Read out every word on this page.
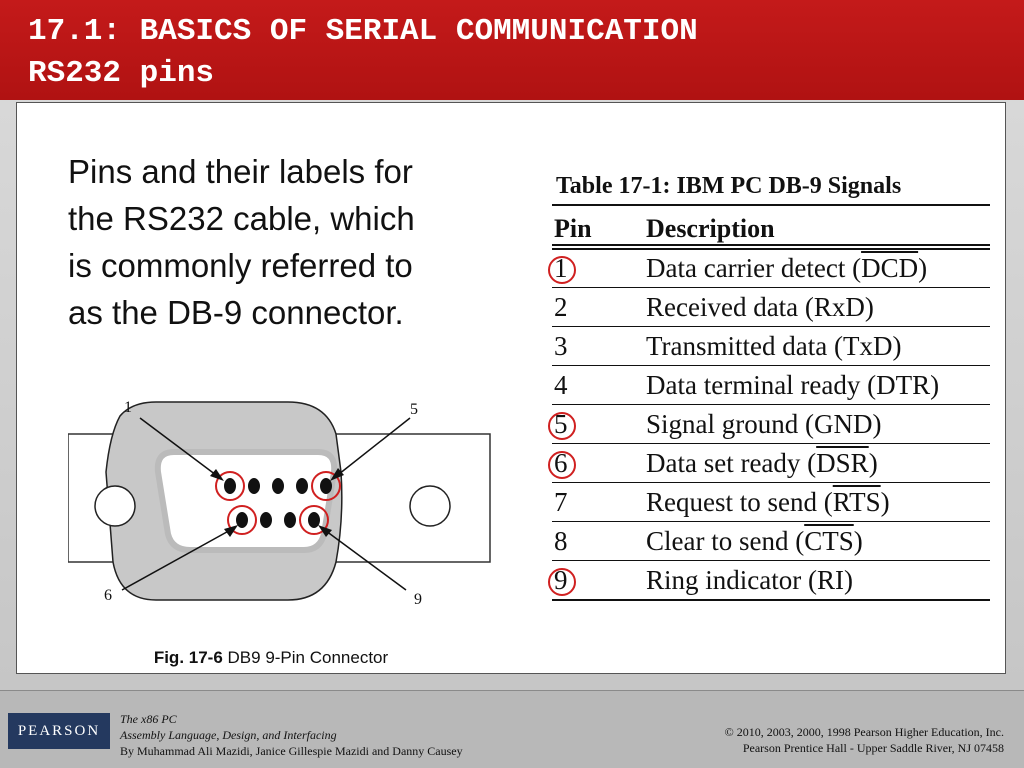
17.1: BASICS OF SERIAL COMMUNICATION
RS232 pins
Pins and their labels for
the RS232 cable, which
is commonly referred to
as the DB-9 connector.
Table 17-1: IBM PC DB-9 Signals
Pin Description
1	Data carrier detect $(\overline{DCD})$
2	Received data (RxD)
3	Transmitted data (TxD)
4	Data terminal ready (DTR)
5	Signal ground (GND)
6	Data set ready $(\overline{DSR})$
7	Request to send $(\overline{RTS})$
8	Clear to send $(\overline{CTS})$
9	Ring indicator (RI)
1	5
6	9
Fig. 17-6 DB9 9-Pin Connector
PEARSON
The x86 PC
Assembly Language, Design, and Interfacing
By Muhammad Ali Mazidi, Janice Gillespie Mazidi and Danny Causey
© 2010, 2003, 2000, 1998 Pearson Higher Education, Inc.
Pearson Prentice Hall - Upper Saddle River, NJ 07458
